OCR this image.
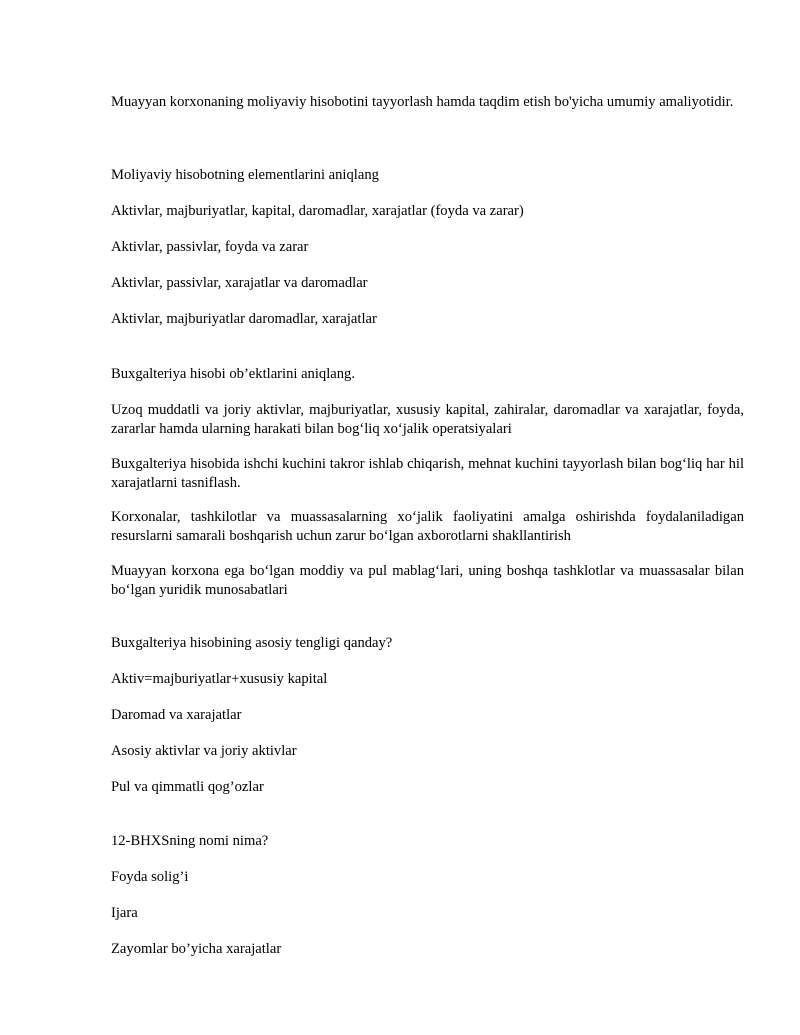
Muayyan korxonaning moliyaviy hisobotini tayyorlash hamda taqdim etish bo'yicha umumiy amaliyotidir.

Moliyaviy hisobotning elementlarini aniqlang

Aktivlar, majburiyatlar, kapital, daromadlar, xarajatlar (foyda va zarar)

Aktivlar, passivlar, foyda va zarar

Aktivlar, passivlar, xarajatlar va daromadlar

Aktivlar, majburiyatlar daromadlar, xarajatlar

Buxgalteriya hisobi ob’ektlarini aniqlang.

Uzoq muddatli va joriy aktivlar, majburiyatlar, xususiy kapital, zahiralar, daromadlar va xarajatlar, foyda, zararlar hamda ularning harakati bilan bog‘liq xo‘jalik operatsiyalari

Buxgalteriya hisobida ishchi kuchini takror ishlab chiqarish, mehnat kuchini tayyorlash bilan bog‘liq har hil xarajatlarni tasniflash.

Korxonalar, tashkilotlar va muassasalarning xo‘jalik faoliyatini amalga oshirishda foydalaniladigan resurslarni samarali boshqarish uchun zarur bo‘lgan axborotlarni shakllantirish

Muayyan korxona ega bo‘lgan moddiy va pul mablag‘lari, uning boshqa tashklotlar va muassasalar bilan bo‘lgan yuridik munosabatlari

Buxgalteriya hisobining asosiy tengligi qanday?

Aktiv=majburiyatlar+xususiy kapital

Daromad va xarajatlar

Asosiy aktivlar va joriy aktivlar

Pul va qimmatli qog’ozlar

12-BHXSning nomi nima?

Foyda solig’i

Ijara

Zayomlar bo’yicha xarajatlar
